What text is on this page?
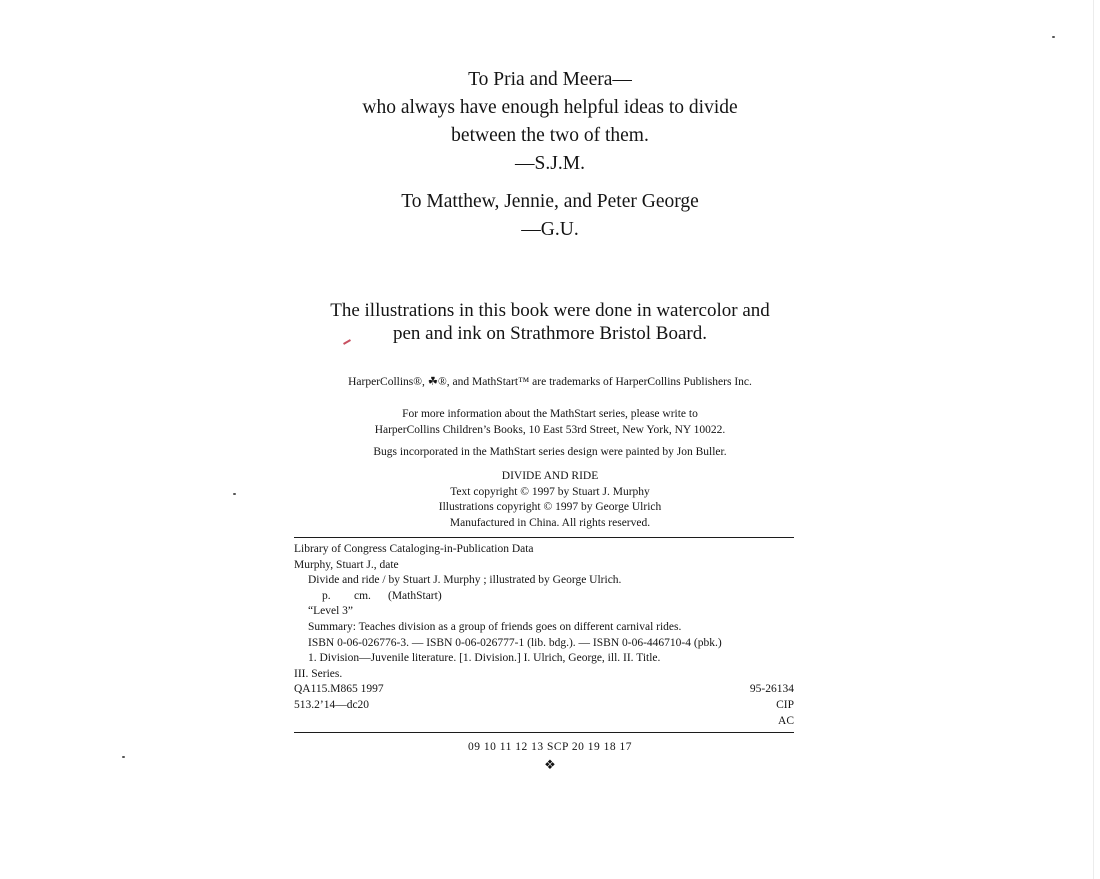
To Pria and Meera—
who always have enough helpful ideas to divide
between the two of them.
—S.J.M.
To Matthew, Jennie, and Peter George
—G.U.
The illustrations in this book were done in watercolor and
pen and ink on Strathmore Bristol Board.
HarperCollins®, ☘®, and MathStart™ are trademarks of HarperCollins Publishers Inc.
For more information about the MathStart series, please write to
HarperCollins Children’s Books, 10 East 53rd Street, New York, NY 10022.
Bugs incorporated in the MathStart series design were painted by Jon Buller.
DIVIDE AND RIDE
Text copyright © 1997 by Stuart J. Murphy
Illustrations copyright © 1997 by George Ulrich
Manufactured in China. All rights reserved.
Library of Congress Cataloging-in-Publication Data
Murphy, Stuart J., date
Divide and ride / by Stuart J. Murphy ; illustrated by George Ulrich.
p. cm. (MathStart)
“Level 3”
Summary: Teaches division as a group of friends goes on different carnival rides.
ISBN 0-06-026776-3. — ISBN 0-06-026777-1 (lib. bdg.). — ISBN 0-06-446710-4 (pbk.)
1. Division—Juvenile literature. [1. Division.] I. Ulrich, George, ill. II. Title.
III. Series.
QA115.M865 1997	95-26134
513.2’14—dc20	CIP
AC
09 10 11 12 13 SCP 20 19 18 17
❖
